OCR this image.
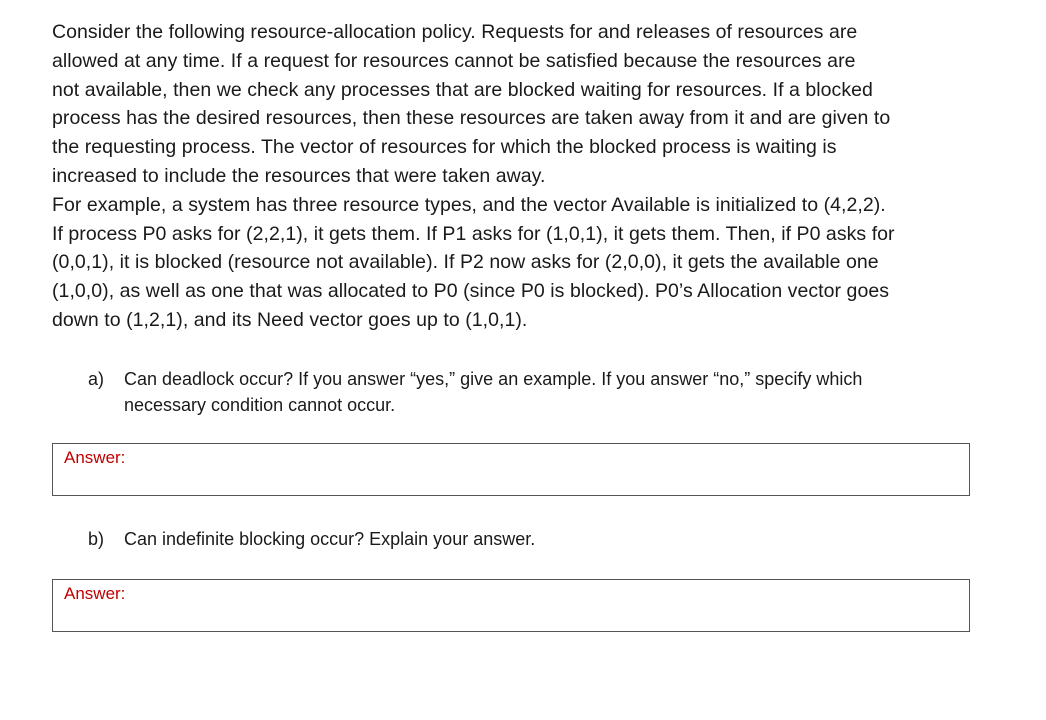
Consider the following resource-allocation policy. Requests for and releases of resources are
allowed at any time. If a request for resources cannot be satisfied because the resources are
not available, then we check any processes that are blocked waiting for resources. If a blocked
process has the desired resources, then these resources are taken away from it and are given to
the requesting process. The vector of resources for which the blocked process is waiting is
increased to include the resources that were taken away.
For example, a system has three resource types, and the vector Available is initialized to (4,2,2).
If process P0 asks for (2,2,1), it gets them. If P1 asks for (1,0,1), it gets them. Then, if P0 asks for
(0,0,1), it is blocked (resource not available). If P2 now asks for (2,0,0), it gets the available one
(1,0,0), as well as one that was allocated to P0 (since P0 is blocked). P0’s Allocation vector goes
down to (1,2,1), and its Need vector goes up to (1,0,1).
a) Can deadlock occur? If you answer “yes,” give an example. If you answer “no,” specify which
necessary condition cannot occur.
Answer:
b) Can indefinite blocking occur? Explain your answer.
Answer:
